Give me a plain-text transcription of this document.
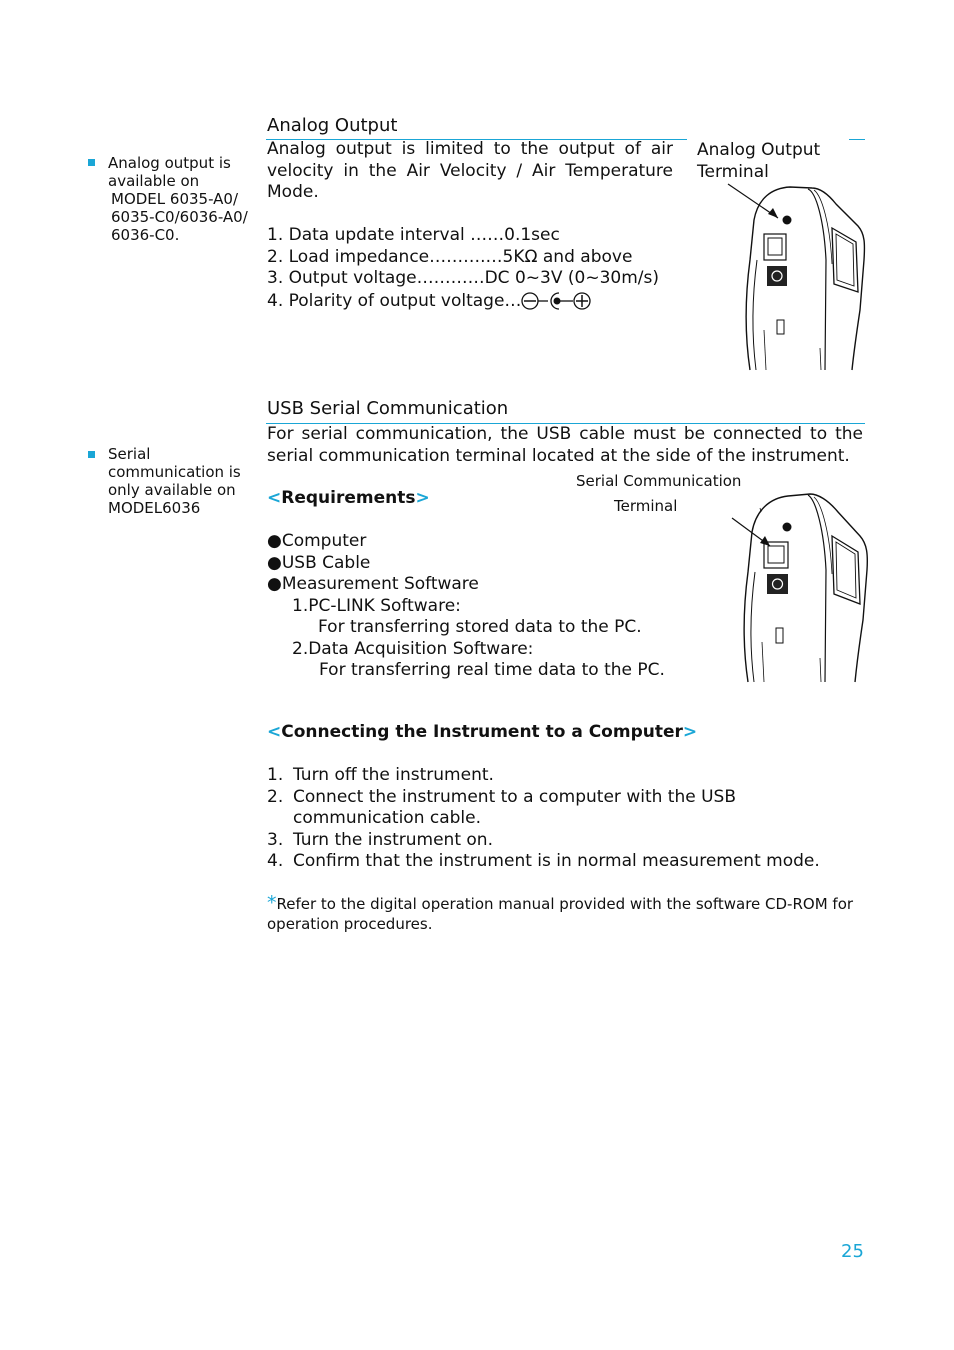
Analog output is
available on
MODEL 6035-A0/
6035-C0/6036-A0/
6036-C0.
Serial
communication is
only available on
MODEL6036
Analog Output
Analog output is limited to the output of air velocity in the Air Velocity / Air Temperature Mode.
1. Data update interval ……0.1sec
2. Load impedance……….…5KΩ and above
3. Output voltage…………DC 0~3V (0~30m/s)
4. Polarity of output voltage…
Analog Output
Terminal
USB Serial Communication
For serial communication, the USB cable must be connected to the serial communication terminal located at the side of the instrument.
Serial Communication
Terminal
<Requirements>
●Computer
●USB Cable
●Measurement Software
1.PC-LINK Software:
For transferring stored data to the PC.
2.Data Acquisition Software:
For transferring real time data to the PC.
<Connecting the Instrument to a Computer>
1. Turn off the instrument.
2. Connect the instrument to a computer with the USB communication cable.
3. Turn the instrument on.
4. Confirm that the instrument is in normal measurement mode.
*Refer to the digital operation manual provided with the software CD-ROM for operation procedures.
25
